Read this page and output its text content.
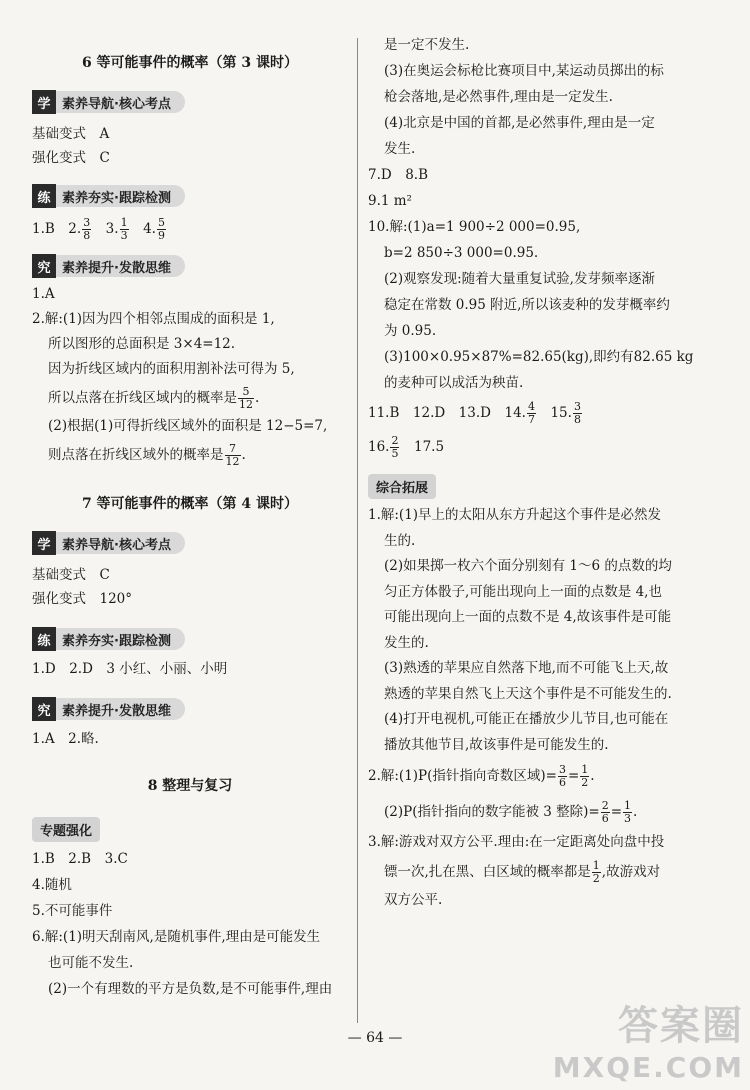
6 等可能事件的概率（第 3 课时）

学 素养导航·核心考点

基础变式　A

强化变式　C

练 素养夯实·跟踪检测

1.B　2. $\frac{3}{8}$ 　3. $\frac{1}{3}$ 　4. $\frac{5}{9}$

究 素养提升·发散思维

1.A

2.解:(1)因为四个相邻点围成的面积是 1,

所以图形的总面积是 3×4=12.

因为折线区域内的面积用割补法可得为 5,

所以点落在折线区域内的概率是 $\frac{5}{12}$ .

(2)根据(1)可得折线区域外的面积是 12−5=7,

则点落在折线区域外的概率是 $\frac{7}{12}$ .

7 等可能事件的概率（第 4 课时）

学 素养导航·核心考点

基础变式　C

强化变式　120°

练 素养夯实·跟踪检测

1.D　2.D　3 小红、小丽、小明

究 素养提升·发散思维

1.A　2.略.

8 整理与复习

专题强化

1.B　2.B　3.C

4.随机

5.不可能事件

6.解:(1)明天刮南风,是随机事件,理由是可能发生

也可能不发生.

(2)一个有理数的平方是负数,是不可能事件,理由

是一定不发生.

(3)在奥运会标枪比赛项目中,某运动员掷出的标

枪会落地,是必然事件,理由是一定发生.

(4)北京是中国的首都,是必然事件,理由是一定

发生.

7.D　8.B

9.1 m²

10.解:(1)a=1 900÷2 000=0.95,

b=2 850÷3 000=0.95.

(2)观察发现:随着大量重复试验,发芽频率逐渐

稳定在常数 0.95 附近,所以该麦种的发芽概率约

为 0.95.

(3)100×0.95×87%=82.65(kg),即约有82.65 kg

的麦种可以成活为秧苗.

11.B　12.D　13.D　14. $\frac{4}{7}$ 　15. $\frac{3}{8}$

16. $\frac{2}{5}$ 　17.5

综合拓展

1.解:(1)早上的太阳从东方升起这个事件是必然发

生的.

(2)如果掷一枚六个面分别刻有 1～6 的点数的均

匀正方体骰子,可能出现向上一面的点数是 4,也

可能出现向上一面的点数不是 4,故该事件是可能

发生的.

(3)熟透的苹果应自然落下地,而不可能飞上天,故

熟透的苹果自然飞上天这个事件是不可能发生的.

(4)打开电视机,可能正在播放少儿节目,也可能在

播放其他节目,故该事件是可能发生的.

2.解:(1)P(指针指向奇数区域)= $\frac{3}{6} = \frac{1}{2}$ .

(2)P(指针指向的数字能被 3 整除)= $\frac{2}{6} = \frac{1}{3}$ .

3.解:游戏对双方公平.理由:在一定距离处向盘中投

镖一次,扎在黑、白区域的概率都是 $\frac{1}{2}$ ,故游戏对

双方公平.

— 64 —	答案圈
MXQE.COM
